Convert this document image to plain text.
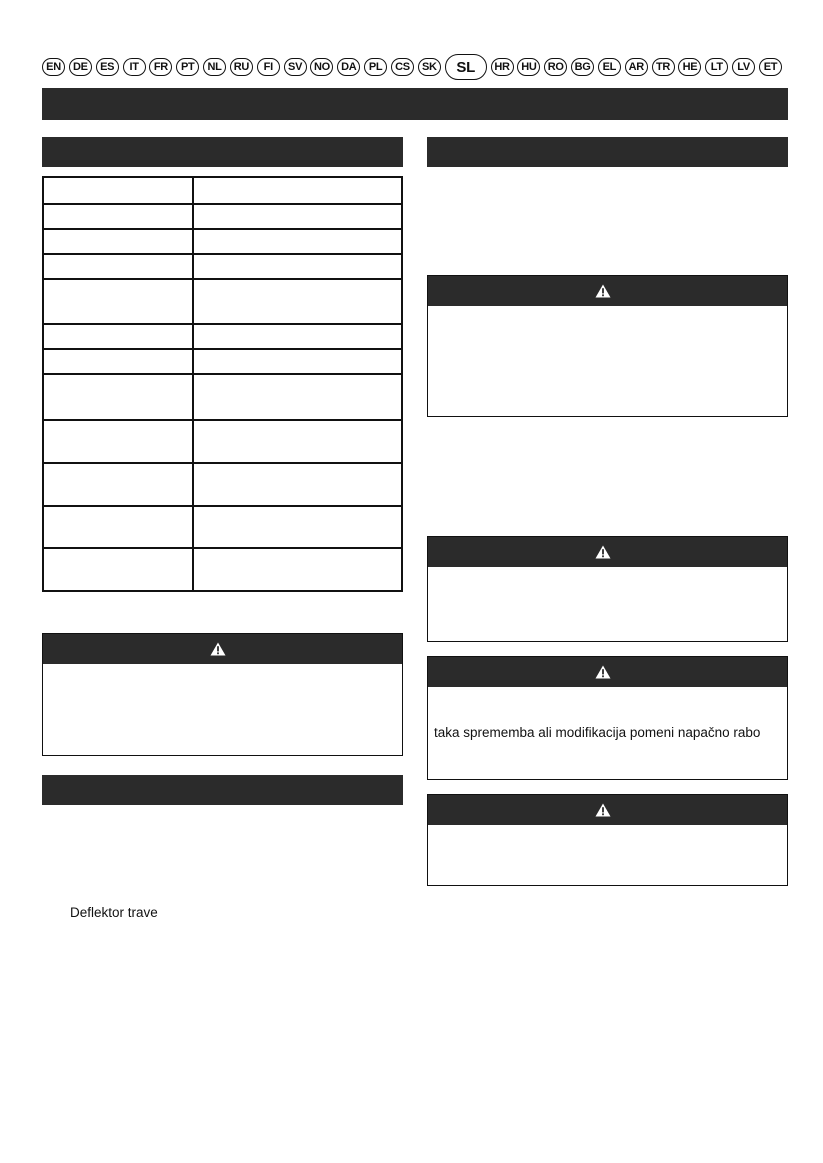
EN	DE	ES	IT	FR	PT	NL	RU	FI	SV	NO	DA	PL	CS	SK	SL	HR	HU	RO BG	EL	AR	TR	HE	LT	LV	ET

Deflektor trave
taka sprememba ali modifikacija pomeni napačno rabo
